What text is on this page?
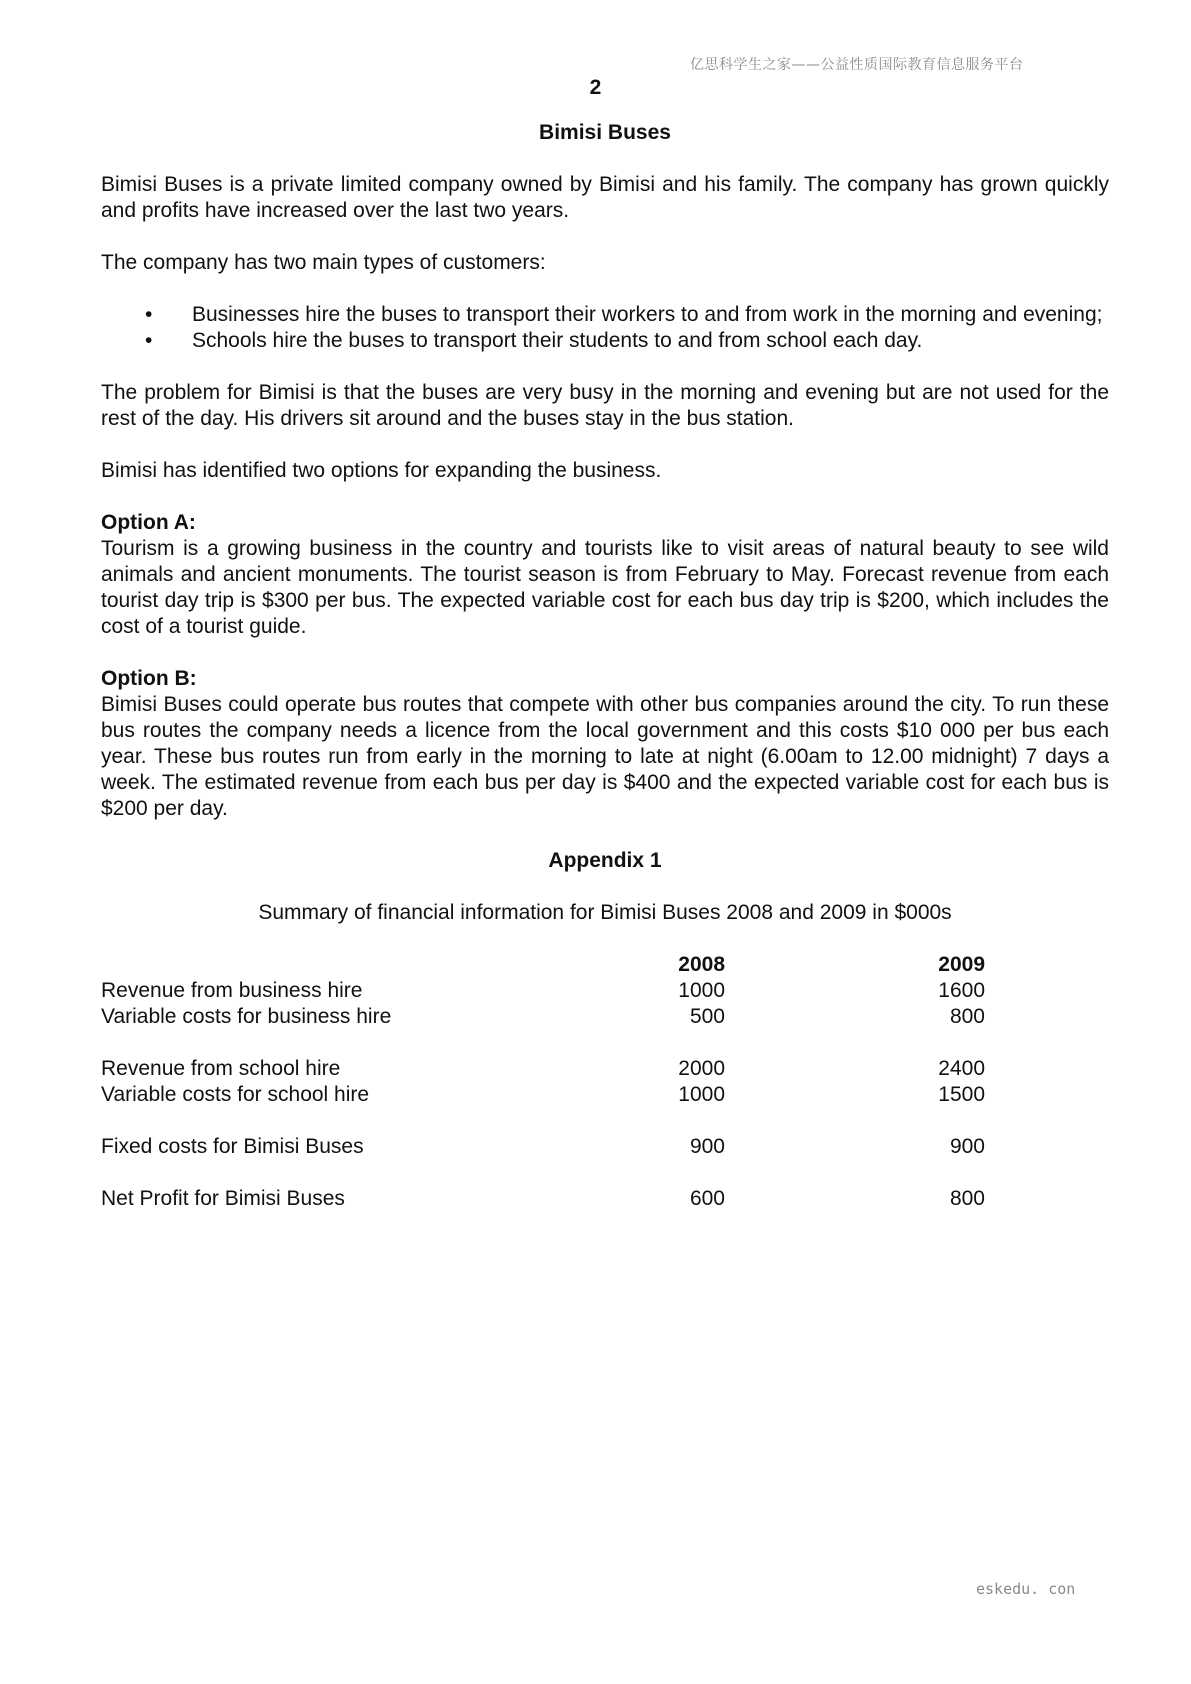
亿思科学生之家——公益性质国际教育信息服务平台
2
Bimisi Buses

Bimisi Buses is a private limited company owned by Bimisi and his family. The company has grown quickly and profits have increased over the last two years.

The company has two main types of customers:

• Businesses hire the buses to transport their workers to and from work in the morning and evening;
• Schools hire the buses to transport their students to and from school each day.

The problem for Bimisi is that the buses are very busy in the morning and evening but are not used for the rest of the day. His drivers sit around and the buses stay in the bus station.

Bimisi has identified two options for expanding the business.

Option A:

Tourism is a growing business in the country and tourists like to visit areas of natural beauty to see wild animals and ancient monuments. The tourist season is from February to May. Forecast revenue from each tourist day trip is $300 per bus. The expected variable cost for each bus day trip is $200, which includes the cost of a tourist guide.

Option B:

Bimisi Buses could operate bus routes that compete with other bus companies around the city. To run these bus routes the company needs a licence from the local government and this costs $10 000 per bus each year. These bus routes run from early in the morning to late at night (6.00am to 12.00 midnight) 7 days a week. The estimated revenue from each bus per day is $400 and the expected variable cost for each bus is $200 per day.

Appendix 1
Summary of financial information for Bimisi Buses 2008 and 2009 in $000s
	2008	2009
Revenue from business hire	1000	1600
Variable costs for business hire	500	800

Revenue from school hire	2000	2400
Variable costs for school hire	1000	1500

Fixed costs for Bimisi Buses	900	900

Net Profit for Bimisi Buses	600	800
eskedu. con
